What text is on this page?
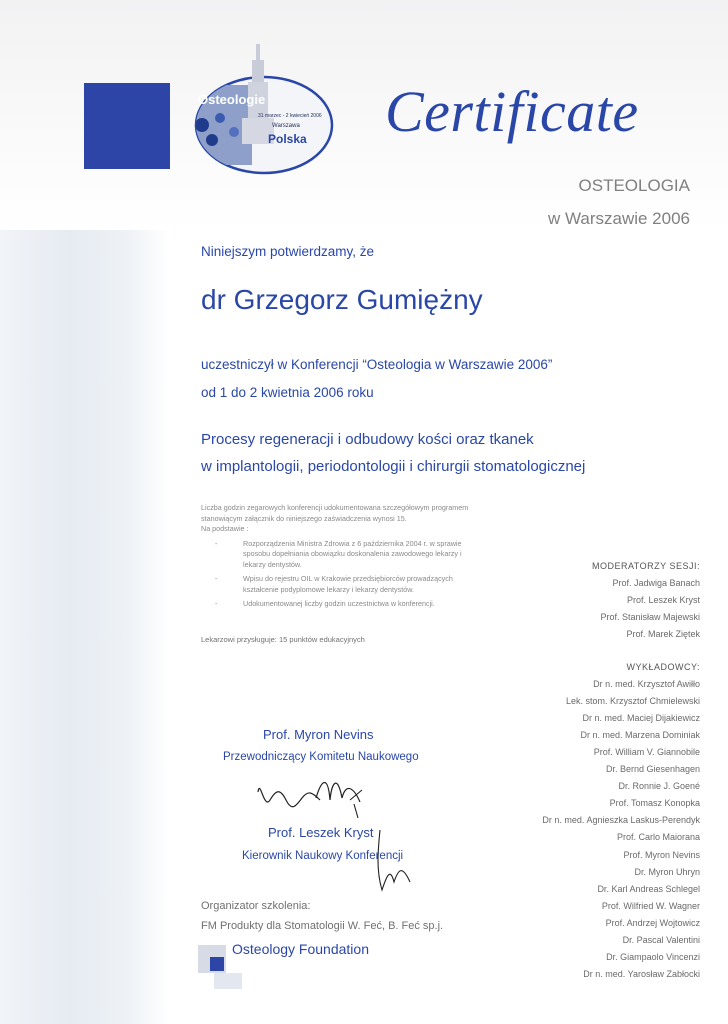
Osteologie
31 marzec - 2 kwiecień 2006
Warszawa
Polska Certificate
OSTEOLOGIA
w Warszawie 2006
Niniejszym potwierdzamy, że
dr Grzegorz Gumiężny
uczestniczył w Konferencji “Osteologia w Warszawie 2006”
od 1 do 2 kwietnia 2006 roku
Procesy regeneracji i odbudowy kości oraz tkanek
w implantologii, periodontologii i chirurgii stomatologicznej
Liczba godzin zegarowych konferencji udokumentowana szczegółowym programem stanowiącym załącznik do niniejszego zaświadczenia wynosi 15.
Na podstawie :
- Rozporządzenia Ministra Zdrowia z 6 października 2004 r. w sprawie sposobu dopełniania obowiązku doskonalenia zawodowego lekarzy i lekarzy dentystów.
- Wpisu do rejestru OIL w Krakowie przedsiębiorców prowadzących kształcenie podyplomowe lekarzy i lekarzy dentystów.
- Udokumentowanej liczby godzin uczestnictwa w konferencji.
Lekarzowi przysługuje: 15 punktów edukacyjnych
MODERATORZY SESJI:
Prof. Jadwiga Banach
Prof. Leszek Kryst
Prof. Stanisław Majewski
Prof. Marek Ziętek
WYKŁADOWCY:
Dr n. med. Krzysztof Awiłło
Lek. stom. Krzysztof Chmielewski
Dr n. med. Maciej Dijakiewicz
Dr n. med. Marzena Dominiak
Prof. William V. Giannobile
Dr. Bernd Giesenhagen
Dr. Ronnie J. Goené
Prof. Tomasz Konopka
Dr n. med. Agnieszka Laskus-Perendyk
Prof. Carlo Maiorana
Prof. Myron Nevins
Dr. Myron Uhryn
Dr. Karl Andreas Schlegel
Prof. Wilfried W. Wagner
Prof. Andrzej Wojtowicz
Dr. Pascal Valentini
Dr. Giampaolo Vincenzi
Dr n. med. Yarosław Zabłocki
Prof. Myron Nevins
Przewodniczący Komitetu Naukowego
Prof. Leszek Kryst
Kierownik Naukowy Konferencji
Organizator szkolenia:
FM Produkty dla Stomatologii W. Feć, B. Feć sp.j.
Osteology Foundation
